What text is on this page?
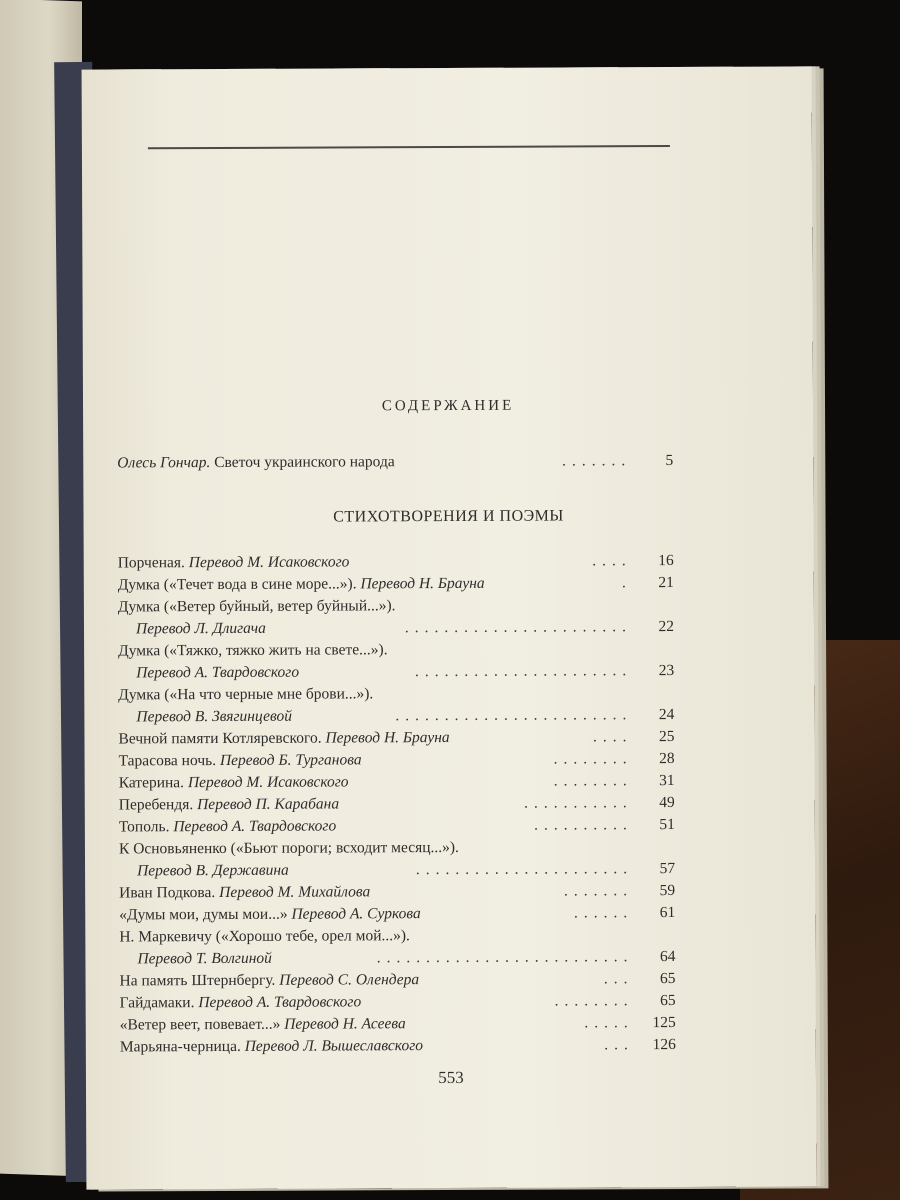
СОДЕРЖАНИЕ
Олесь Гончар. Светоч украинского народа	....... 5
СТИХОТВОРЕНИЯ И ПОЭМЫ
Порченая. Перевод М. Исаковского	.... 16
Думка («Течет вода в сине море...»). Перевод Н. Брауна	. 21
Думка («Ветер буйный, ветер буйный...»).
Перевод Л. Длигача	....................... 22
Думка («Тяжко, тяжко жить на свете...»).
Перевод А. Твардовского	...................... 23
Думка («На что черные мне брови...»).
Перевод В. Звягинцевой	........................ 24
Вечной памяти Котляревского. Перевод Н. Брауна	.... 25
Тарасова ночь. Перевод Б. Турганова	........ 28
Катерина. Перевод М. Исаковского	........ 31
Перебендя. Перевод П. Карабана	........... 49
Тополь. Перевод А. Твардовского	.......... 51
К Основьяненко («Бьют пороги; всходит месяц...»).
Перевод В. Державина	...................... 57
Иван Подкова. Перевод М. Михайлова	....... 59
«Думы мои, думы мои...» Перевод А. Суркова	...... 61
Н. Маркевичу («Хорошо тебе, орел мой...»).
Перевод Т. Волгиной	.......................... 64
На память Штернбергу. Перевод С. Олендера	... 65
Гайдамаки. Перевод А. Твардовского	........ 65
«Ветер веет, повевает...» Перевод Н. Асеева	..... 125
Марьяна-черница. Перевод Л. Вышеславского	... 126
553
